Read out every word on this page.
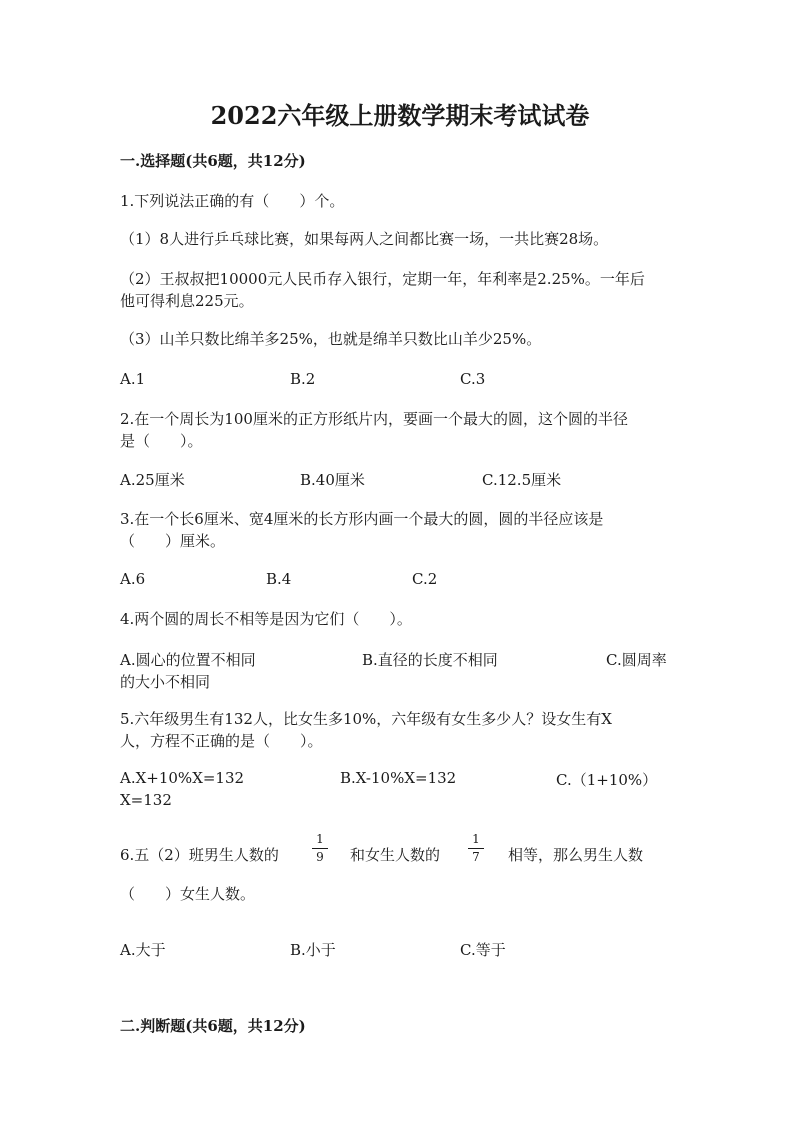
2022六年级上册数学期末考试试卷
一.选择题(共6题，共12分)
1.下列说法正确的有（　　）个。
（1）8人进行乒乓球比赛，如果每两人之间都比赛一场，一共比赛28场。
（2）王叔叔把10000元人民币存入银行，定期一年，年利率是2.25%。一年后
他可得利息225元。
（3）山羊只数比绵羊多25%，也就是绵羊只数比山羊少25%。
A.1	B.2	C.3
2.在一个周长为100厘米的正方形纸片内，要画一个最大的圆，这个圆的半径
是（　　）。
A.25厘米	B.40厘米	C.12.5厘米
3.在一个长6厘米、宽4厘米的长方形内画一个最大的圆，圆的半径应该是
（　　）厘米。
A.6	B.4	C.2
4.两个圆的周长不相等是因为它们（　　）。
A.圆心的位置不相同	B.直径的长度不相同	C.圆周率
的大小不相同
5.六年级男生有132人，比女生多10%，六年级有女生多少人？设女生有X
人，方程不正确的是（　　）。
A.X+10%X=132	B.X-10%X=132	C.（1+10%）
X=132
6.五（2）班男生人数的
1
9 和女生人数的
1
7 相等，那么男生人数
（　　）女生人数。
A.大于	B.小于	C.等于
二.判断题(共6题，共12分)
